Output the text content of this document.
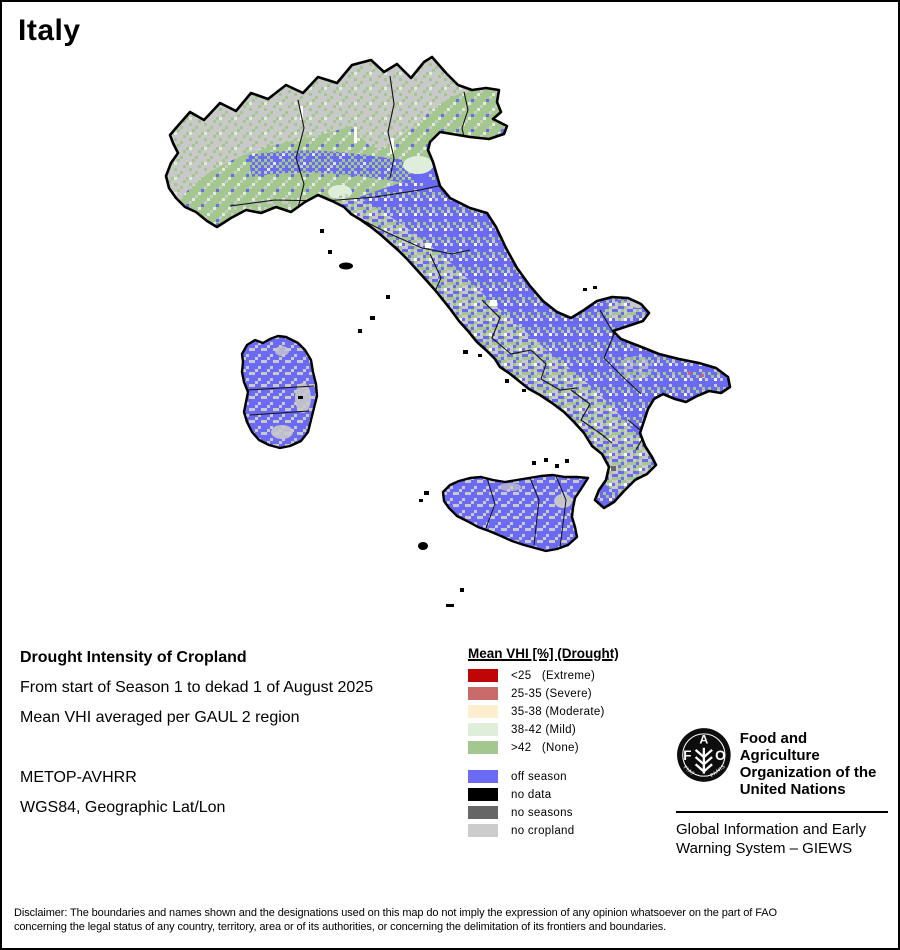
Italy
Drought Intensity of Cropland
From start of Season 1 to dekad 1 of August 2025
Mean VHI averaged per GAUL 2 region
METOP-AVHRR
WGS84, Geographic Lat/Lon
Mean VHI [%] (Drought)
<25   (Extreme)
25-35 (Severe)
35-38 (Moderate)
38-42 (Mild)
>42   (None)
off season
no data
no seasons
no cropland
F
A
O
FIAT	PANIS
Food and Agriculture
Organization of the
United Nations
Global Information and Early
Warning System – GIEWS
Disclaimer: The boundaries and names shown and the designations used on this map do not imply the expression of any opinion whatsoever on the part of FAO
concerning the legal status of any country, territory, area or of its authorities, or concerning the delimitation of its frontiers and boundaries.
